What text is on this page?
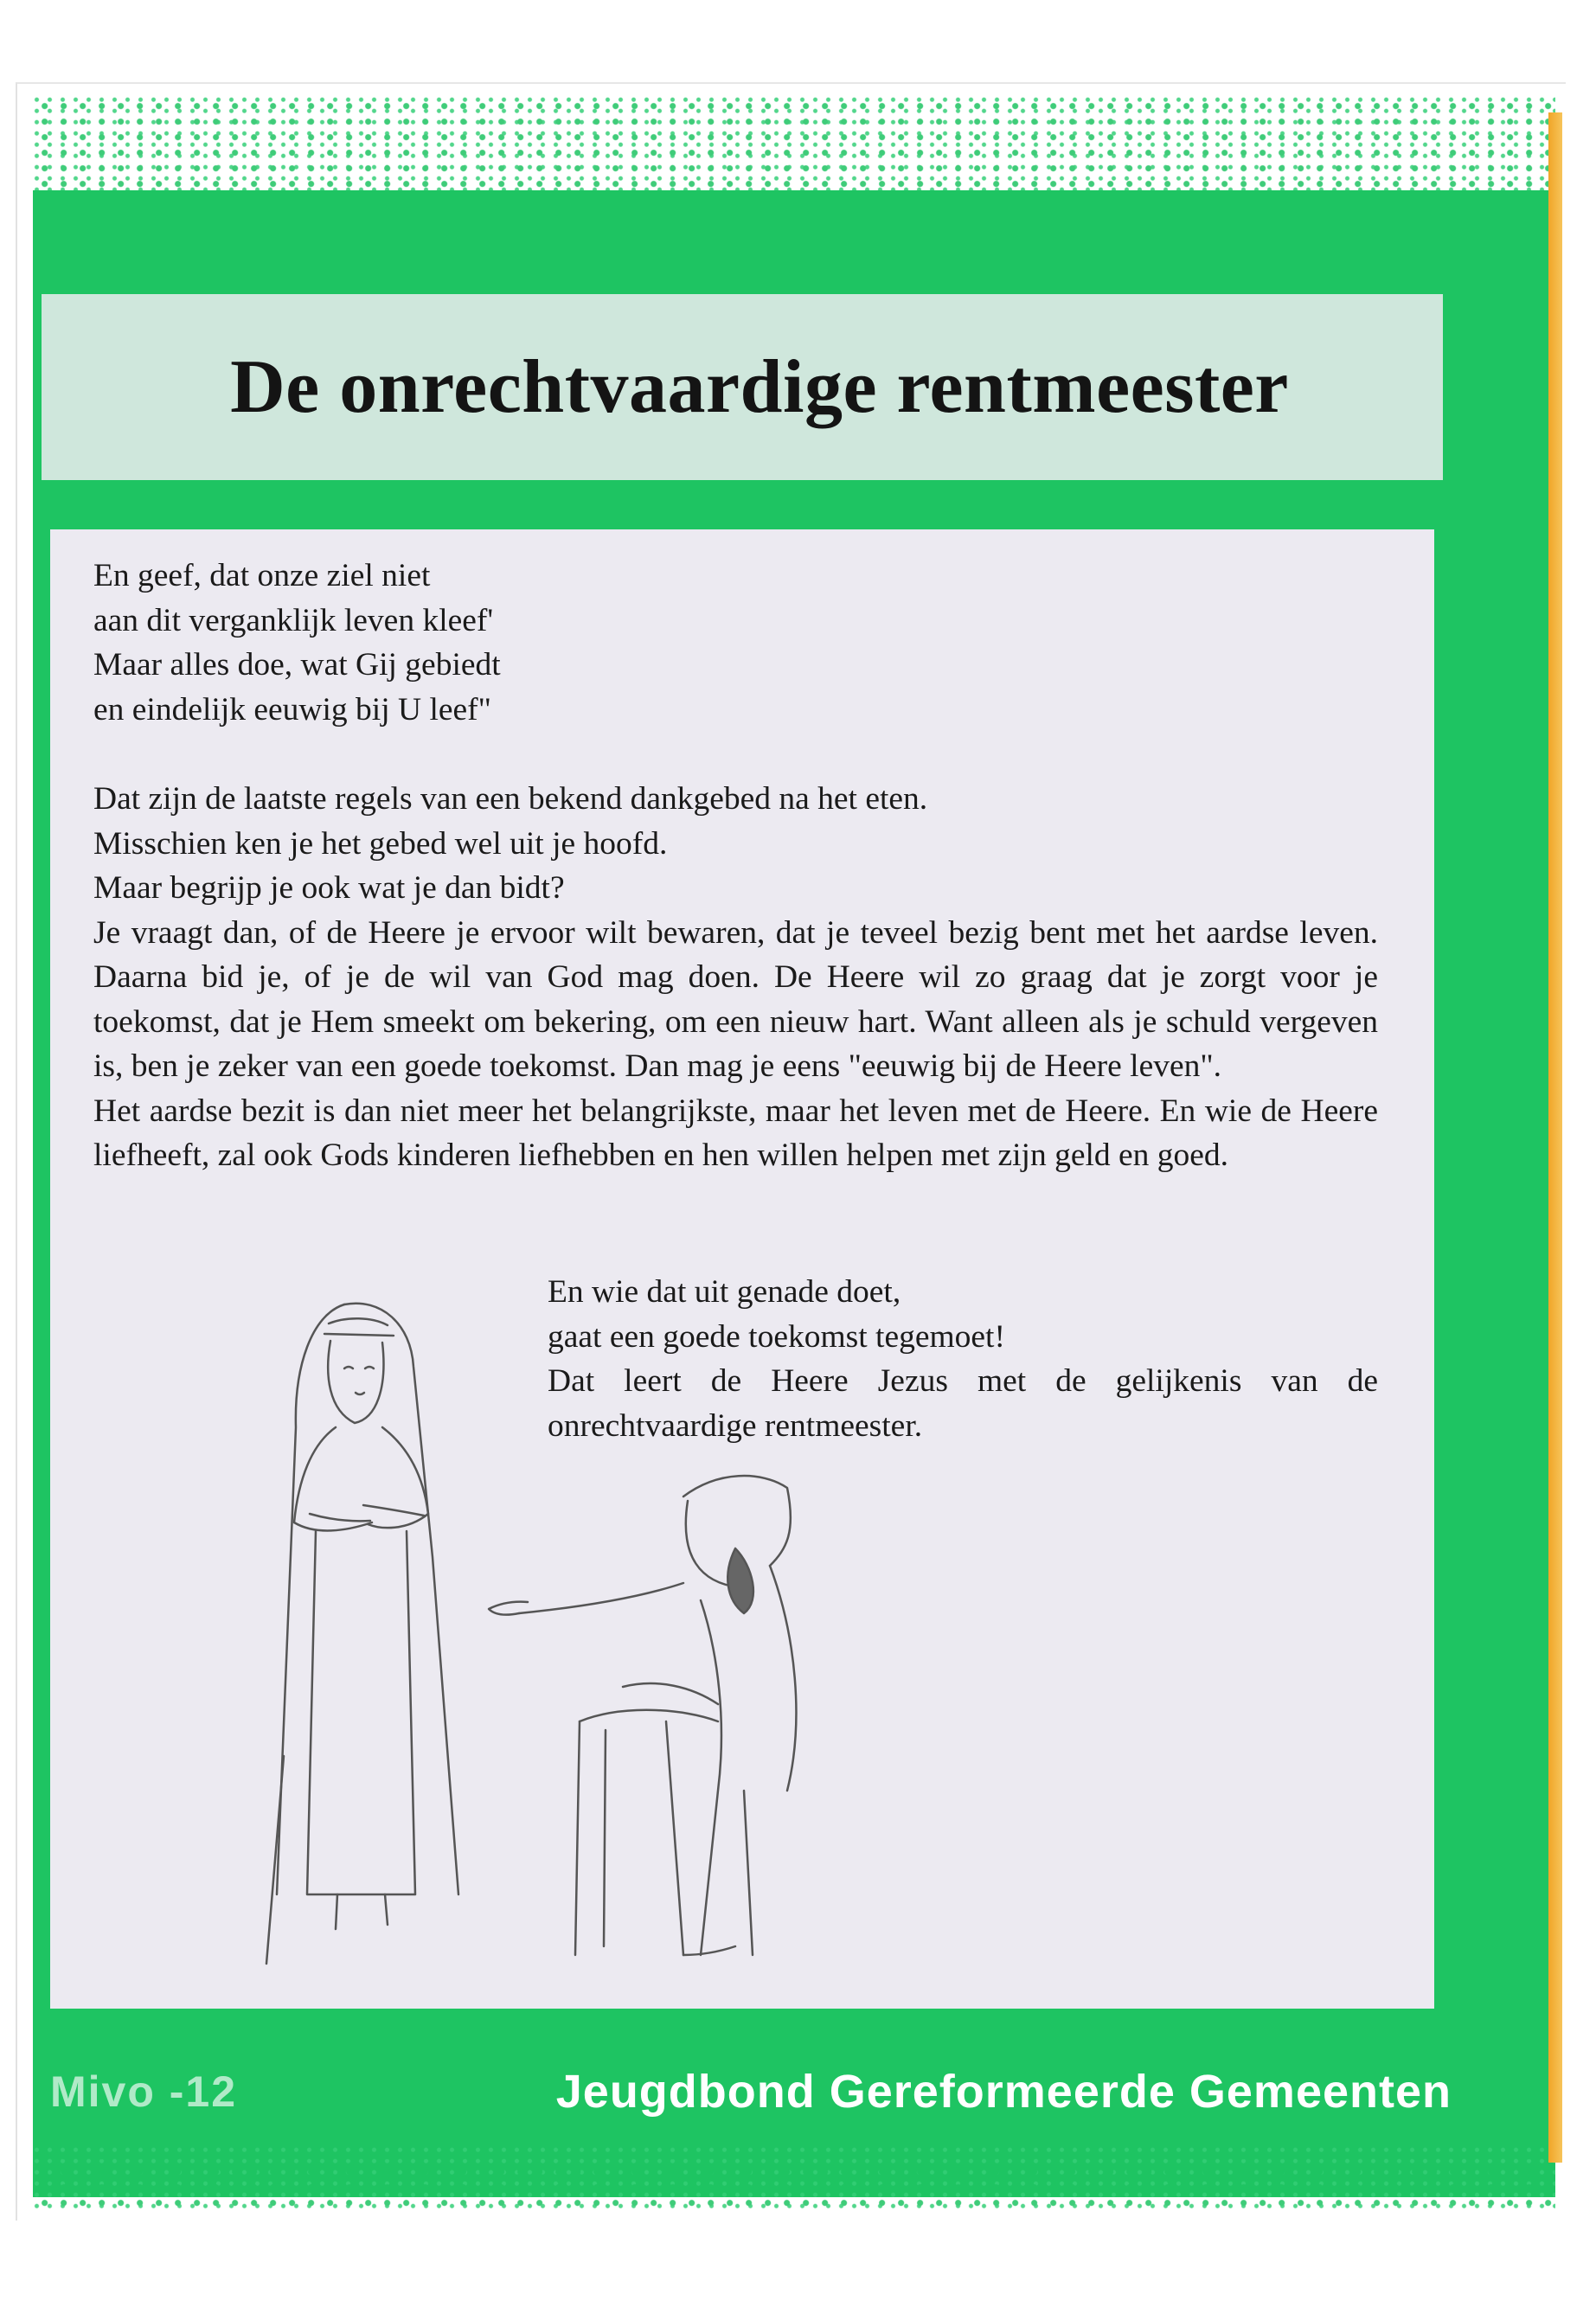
De onrechtvaardige rentmeester
En geef, dat onze ziel niet
aan dit verganklijk leven kleef'
Maar alles doe, wat Gij gebiedt
en eindelijk eeuwig bij U leef"
Dat zijn de laatste regels van een bekend dankgebed na het eten.
Misschien ken je het gebed wel uit je hoofd.
Maar begrijp je ook wat je dan bidt?
Je vraagt dan, of de Heere je ervoor wilt bewaren, dat je teveel bezig bent met het aardse leven. Daarna bid je, of je de wil van God mag doen. De Heere wil zo graag dat je zorgt voor je toekomst, dat je Hem smeekt om bekering, om een nieuw hart. Want alleen als je schuld vergeven is, ben je zeker van een goede toekomst. Dan mag je eens "eeuwig bij de Heere leven".
Het aardse bezit is dan niet meer het belangrijkste, maar het leven met de Heere. En wie de Heere liefheeft, zal ook Gods kinderen liefhebben en hen willen helpen met zijn geld en goed.
En wie dat uit genade doet,
gaat een goede toekomst tegemoet!
Dat leert de Heere Jezus met de gelijkenis van de onrechtvaardige rentmeester.
Mivo -12	Jeugdbond Gereformeerde Gemeenten
